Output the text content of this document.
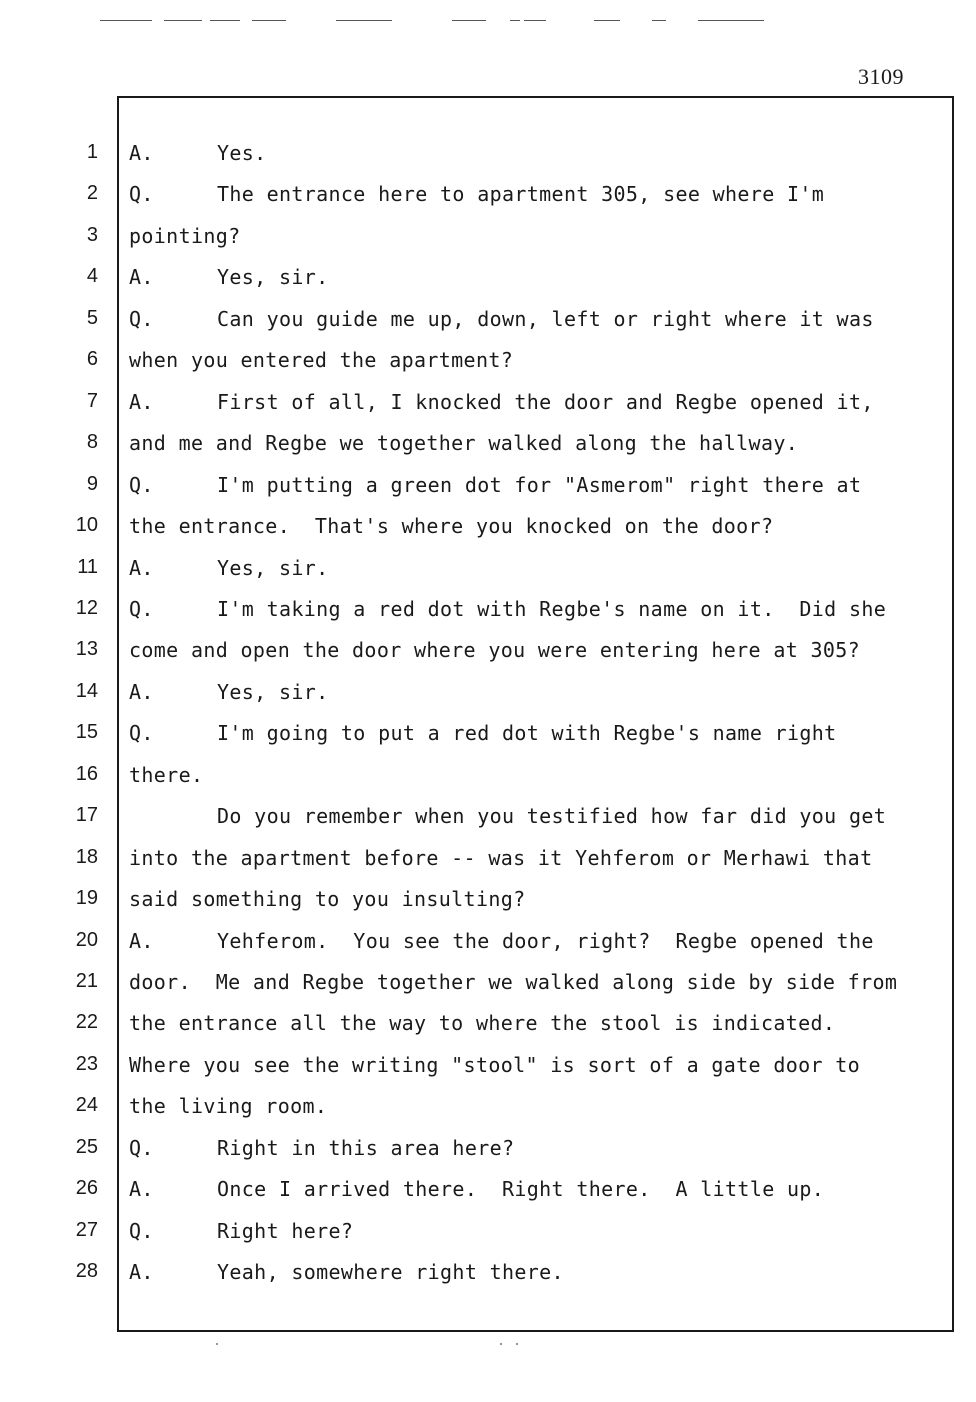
3109
1 A.	Yes.
2 Q.	The entrance here to apartment 305, see where I'm
3 pointing?
4 A.	Yes, sir.
5 Q.	Can you guide me up, down, left or right where it was
6 when you entered the apartment?
7 A.	First of all, I knocked the door and Regbe opened it,
8 and me and Regbe we together walked along the hallway.
9 Q.	I'm putting a green dot for "Asmerom" right there at
10 the entrance.  That's where you knocked on the door?
11 A.	Yes, sir.
12 Q.	I'm taking a red dot with Regbe's name on it.  Did she
13 come and open the door where you were entering here at 305?
14 A.	Yes, sir.
15 Q.	I'm going to put a red dot with Regbe's name right
16 there.
17	Do you remember when you testified how far did you get
18 into the apartment before -- was it Yehferom or Merhawi that
19 said something to you insulting?
20 A.	Yehferom.  You see the door, right?  Regbe opened the
21 door.  Me and Regbe together we walked along side by side from
22 the entrance all the way to where the stool is indicated.
23 Where you see the writing "stool" is sort of a gate door to
24 the living room.
25 Q.	Right in this area here?
26 A.	Once I arrived there.  Right there.  A little up.
27 Q.	Right here?
28 A.	Yeah, somewhere right there.
